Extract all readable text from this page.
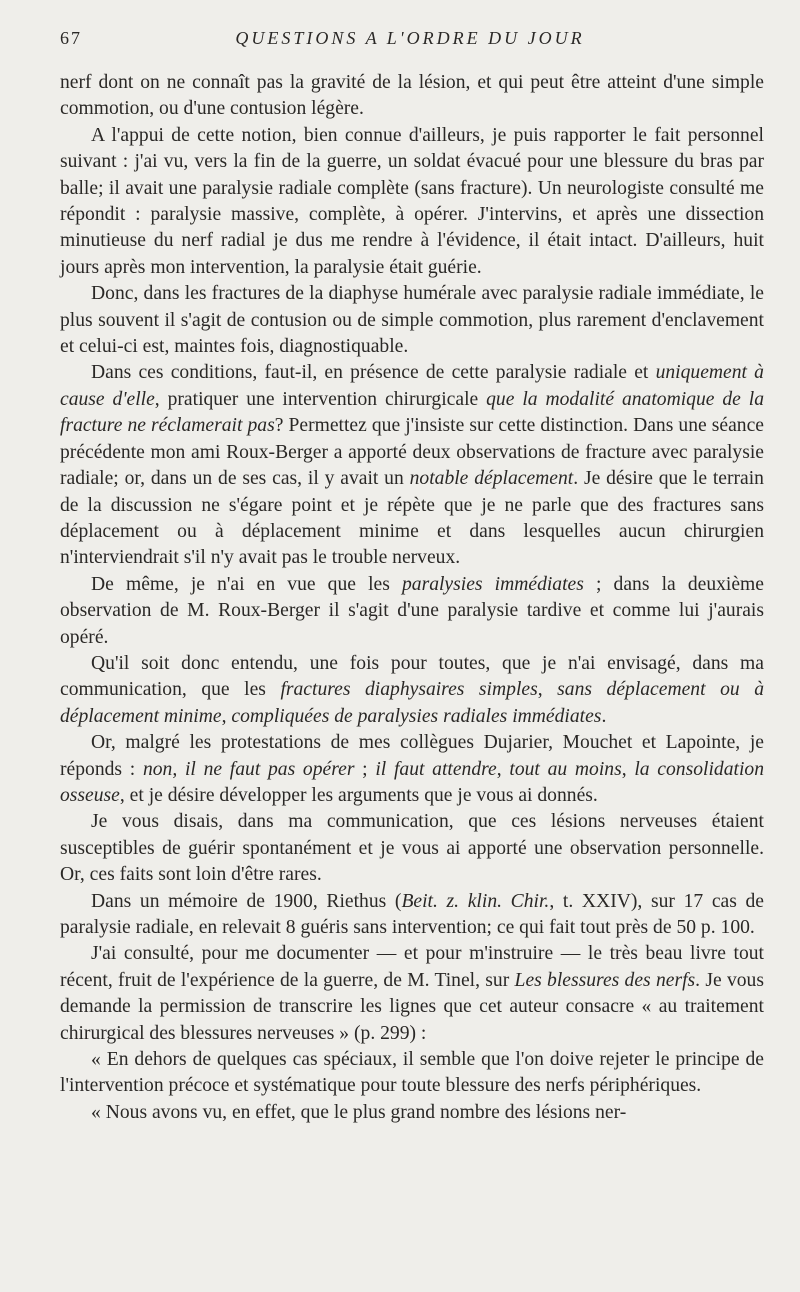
67	QUESTIONS A L'ORDRE DU JOUR

nerf dont on ne connaît pas la gravité de la lésion, et qui peut être atteint d'une simple commotion, ou d'une contusion légère.

A l'appui de cette notion, bien connue d'ailleurs, je puis rapporter le fait personnel suivant : j'ai vu, vers la fin de la guerre, un soldat évacué pour une blessure du bras par balle; il avait une paralysie radiale complète (sans fracture). Un neurologiste consulté me répondit : paralysie massive, complète, à opérer. J'intervins, et après une dissection minutieuse du nerf radial je dus me rendre à l'évidence, il était intact. D'ailleurs, huit jours après mon intervention, la paralysie était guérie.

Donc, dans les fractures de la diaphyse humérale avec paralysie radiale immédiate, le plus souvent il s'agit de contusion ou de simple commotion, plus rarement d'enclavement et celui-ci est, maintes fois, diagnostiquable.

Dans ces conditions, faut-il, en présence de cette paralysie radiale et uniquement à cause d'elle, pratiquer une intervention chirurgicale que la modalité anatomique de la fracture ne réclamerait pas? Permettez que j'insiste sur cette distinction. Dans une séance précédente mon ami Roux-Berger a apporté deux observations de fracture avec paralysie radiale; or, dans un de ses cas, il y avait un notable déplacement. Je désire que le terrain de la discussion ne s'égare point et je répète que je ne parle que des fractures sans déplacement ou à déplacement minime et dans lesquelles aucun chirurgien n'interviendrait s'il n'y avait pas le trouble nerveux.

De même, je n'ai en vue que les paralysies immédiates ; dans la deuxième observation de M. Roux-Berger il s'agit d'une paralysie tardive et comme lui j'aurais opéré.

Qu'il soit donc entendu, une fois pour toutes, que je n'ai envisagé, dans ma communication, que les fractures diaphysaires simples, sans déplacement ou à déplacement minime, compliquées de paralysies radiales immédiates.

Or, malgré les protestations de mes collègues Dujarier, Mouchet et Lapointe, je réponds : non, il ne faut pas opérer ; il faut attendre, tout au moins, la consolidation osseuse, et je désire développer les arguments que je vous ai donnés.

Je vous disais, dans ma communication, que ces lésions nerveuses étaient susceptibles de guérir spontanément et je vous ai apporté une observation personnelle. Or, ces faits sont loin d'être rares.

Dans un mémoire de 1900, Riethus (Beit. z. klin. Chir., t. XXIV), sur 17 cas de paralysie radiale, en relevait 8 guéris sans intervention; ce qui fait tout près de 50 p. 100.

J'ai consulté, pour me documenter — et pour m'instruire — le très beau livre tout récent, fruit de l'expérience de la guerre, de M. Tinel, sur Les blessures des nerfs. Je vous demande la permission de transcrire les lignes que cet auteur consacre « au traitement chirurgical des blessures nerveuses » (p. 299) :

« En dehors de quelques cas spéciaux, il semble que l'on doive rejeter le principe de l'intervention précoce et systématique pour toute blessure des nerfs périphériques.

« Nous avons vu, en effet, que le plus grand nombre des lésions ner-
